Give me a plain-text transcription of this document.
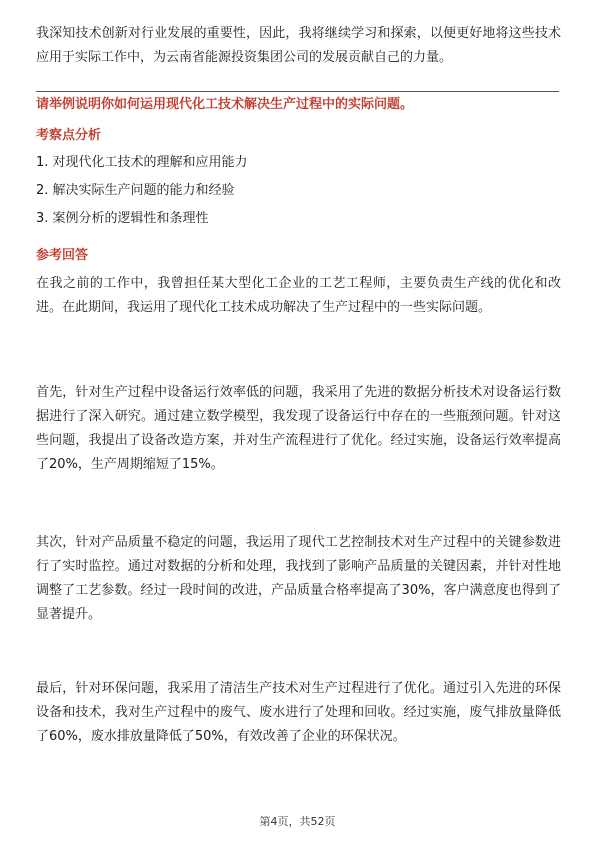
我深知技术创新对行业发展的重要性，因此，我将继续学习和探索，以便更好地将这些技术应用于实际工作中，为云南省能源投资集团公司的发展贡献自己的力量。

请举例说明你如何运用现代化工技术解决生产过程中的实际问题。

考察点分析

1. 对现代化工技术的理解和应用能力

2. 解决实际生产问题的能力和经验

3. 案例分析的逻辑性和条理性

参考回答

在我之前的工作中，我曾担任某大型化工企业的工艺工程师，主要负责生产线的优化和改进。在此期间，我运用了现代化工技术成功解决了生产过程中的一些实际问题。

首先，针对生产过程中设备运行效率低的问题，我采用了先进的数据分析技术对设备运行数据进行了深入研究。通过建立数学模型，我发现了设备运行中存在的一些瓶颈问题。针对这些问题，我提出了设备改造方案，并对生产流程进行了优化。经过实施，设备运行效率提高了20%，生产周期缩短了15%。

其次，针对产品质量不稳定的问题，我运用了现代工艺控制技术对生产过程中的关键参数进行了实时监控。通过对数据的分析和处理，我找到了影响产品质量的关键因素，并针对性地调整了工艺参数。经过一段时间的改进，产品质量合格率提高了30%，客户满意度也得到了显著提升。

最后，针对环保问题，我采用了清洁生产技术对生产过程进行了优化。通过引入先进的环保设备和技术，我对生产过程中的废气、废水进行了处理和回收。经过实施，废气排放量降低了60%，废水排放量降低了50%，有效改善了企业的环保状况。

第4页，共52页
